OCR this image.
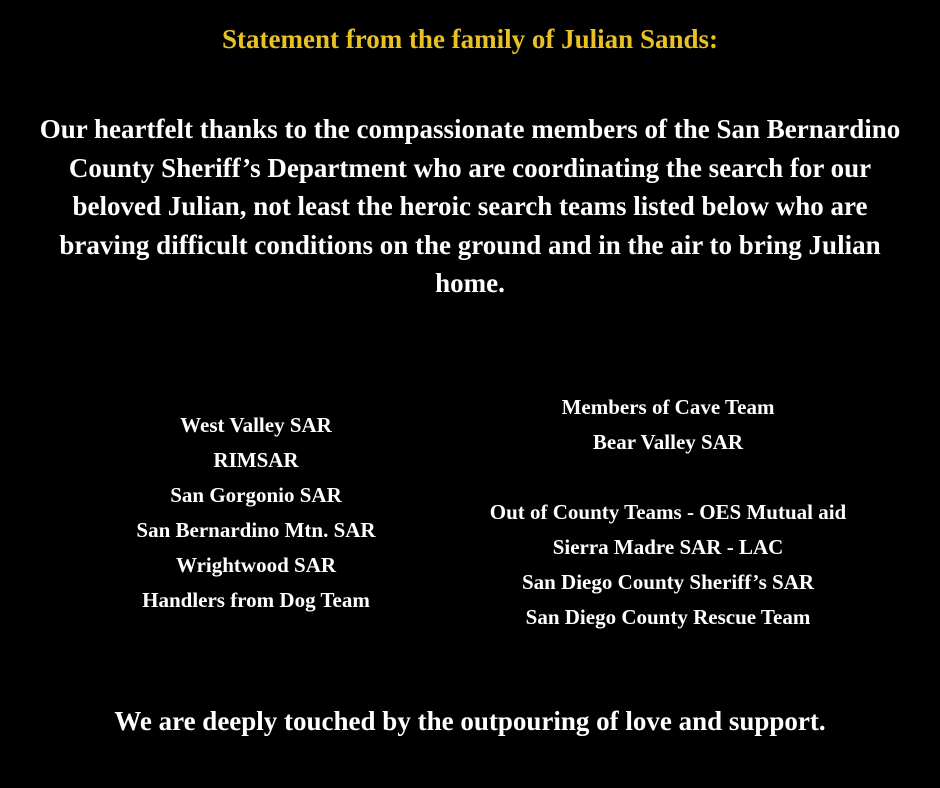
Statement from the family of Julian Sands:
Our heartfelt thanks to the compassionate members of the San Bernardino County Sheriff’s Department who are coordinating the search for our beloved Julian, not least the heroic search teams listed below who are braving difficult conditions on the ground and in the air to bring Julian home.
West Valley SAR
RIMSAR
San Gorgonio SAR
San Bernardino Mtn. SAR
Wrightwood SAR
Handlers from Dog Team
Members of Cave Team
Bear Valley SAR
Out of County Teams - OES Mutual aid
Sierra Madre SAR - LAC
San Diego County Sheriff’s SAR
San Diego County Rescue Team
We are deeply touched by the outpouring of love and support.
